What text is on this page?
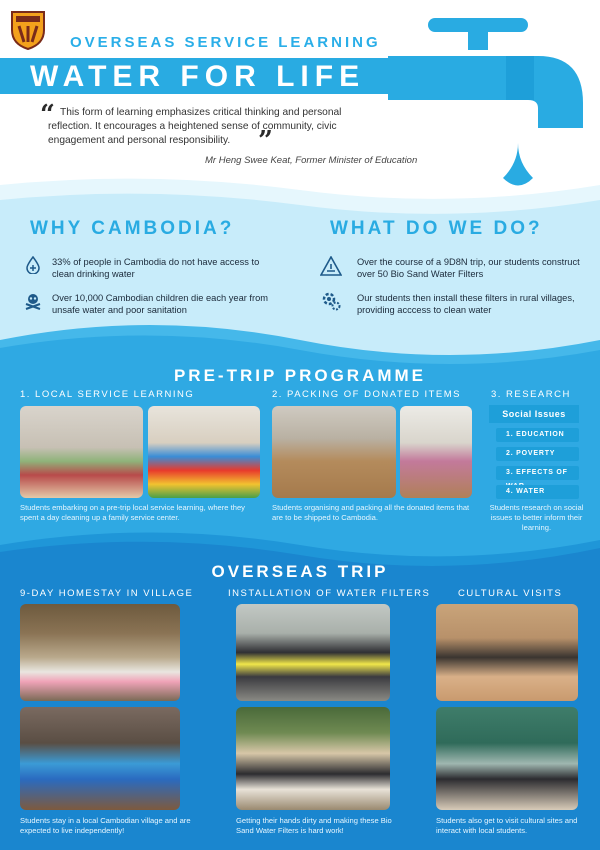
OVERSEAS SERVICE LEARNING
WATER FOR LIFE
“ This form of learning emphasizes critical thinking and personal reflection. It encourages a heightened sense of community, civic engagement and personal responsibility.	”
Mr Heng Swee Keat, Former Minister of Education
WHY CAMBODIA?
33% of people in Cambodia do not have access to clean drinking water
Over 10,000 Cambodian children die each year from unsafe water and poor sanitation
WHAT DO WE DO?
Over the course of a 9D8N trip, our students construct over 50 Bio Sand Water Filters
Our students then install these filters in rural villages, providing acccess to clean water
PRE-TRIP PROGRAMME
1. LOCAL SERVICE LEARNING	2. PACKING OF DONATED ITEMS	3. RESEARCH
Students embarking on a pre-trip local service learning, where they spent a day cleaning up a family service center.
Students organising and packing all the donated items that are to be shipped to Cambodia.
Social Issues
1. EDUCATION
2. POVERTY
3. EFFECTS OF
4. WATER
Students research on social issues to better inform their learning.
OVERSEAS TRIP
9-DAY HOMESTAY IN VILLAGE	INSTALLATION OF WATER FILTERS	CULTURAL VISITS
Students stay in a local Cambodian village and are expected to live independently!
Getting their hands dirty and making these Bio Sand Water Filters is hard work!
Students also get to visit cultural sites and interact with local students.
